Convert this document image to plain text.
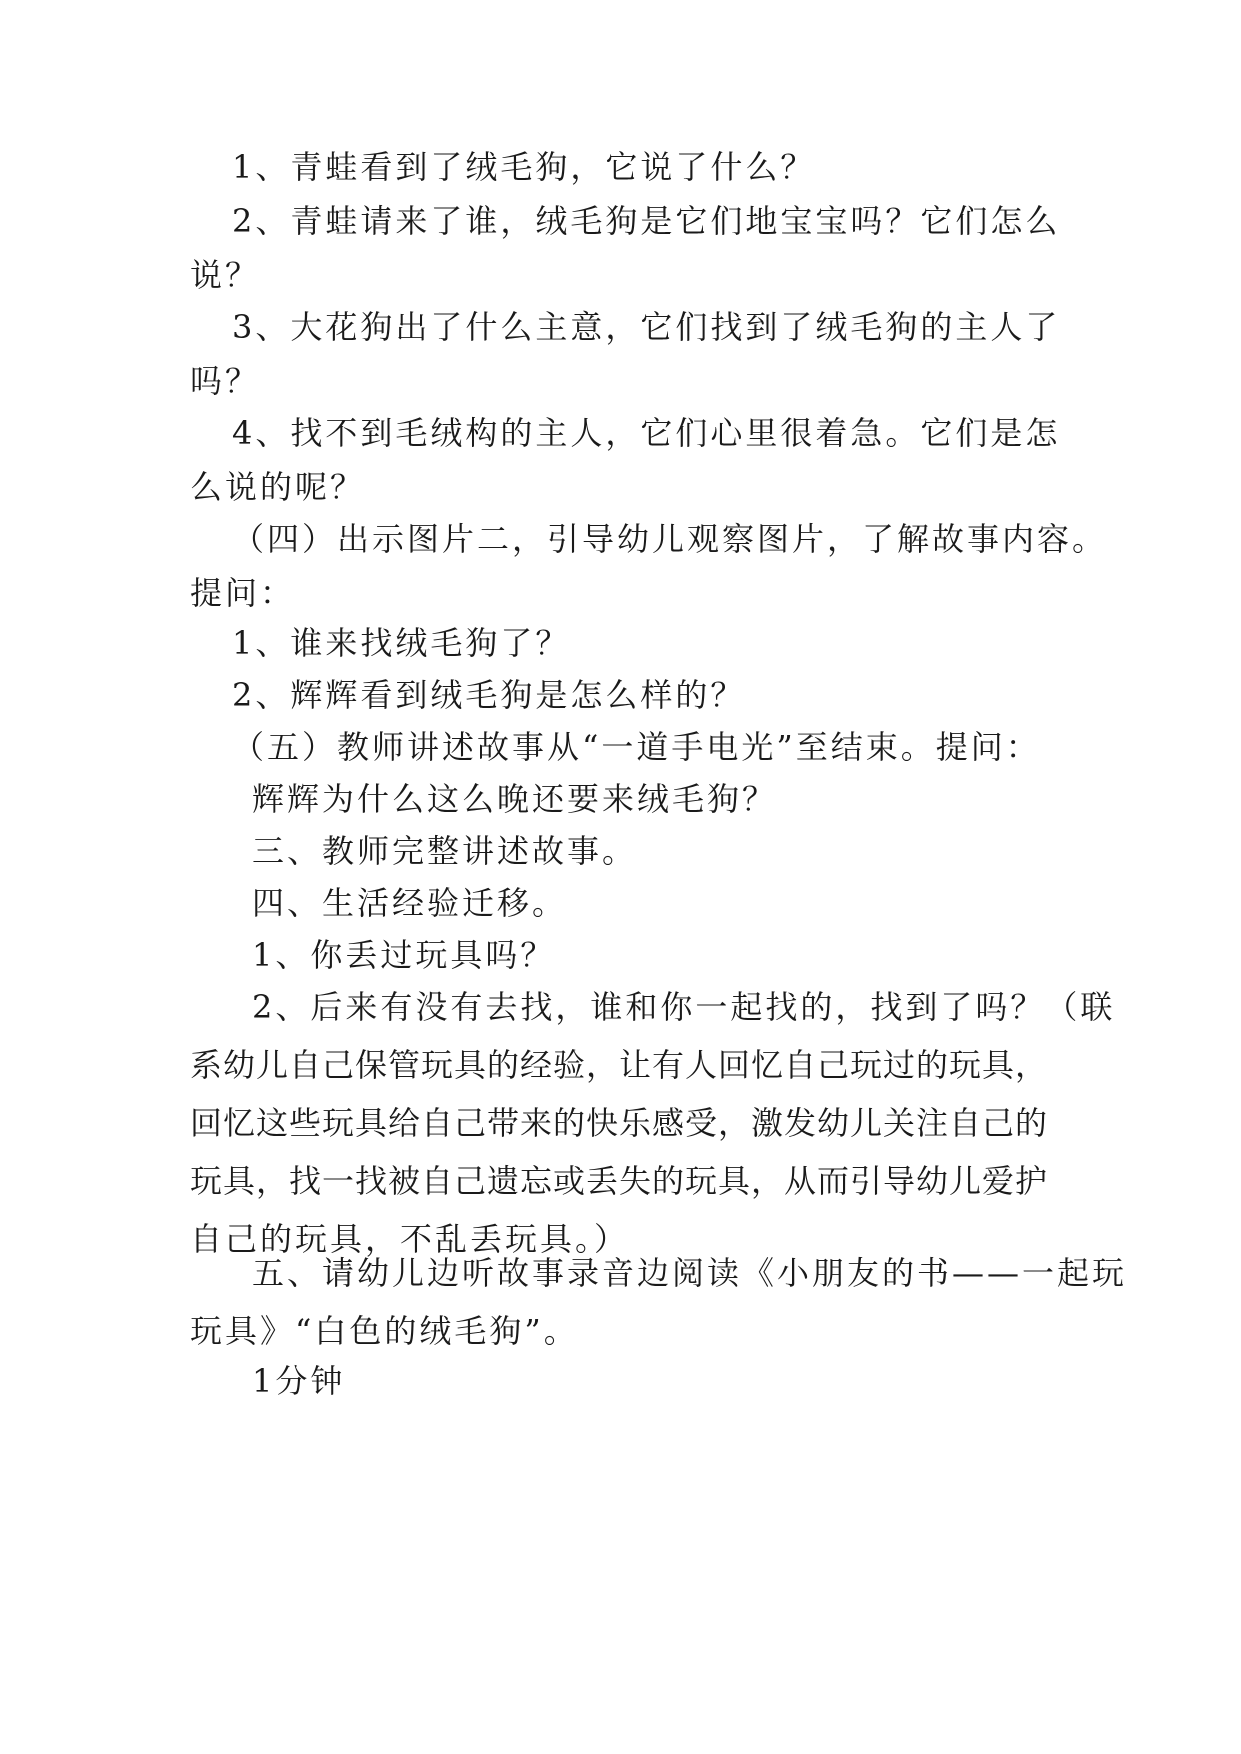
1、青蛙看到了绒毛狗，它说了什么？

2、青蛙请来了谁，绒毛狗是它们地宝宝吗？它们怎么
说？

3、大花狗出了什么主意，它们找到了绒毛狗的主人了
吗？

4、找不到毛绒构的主人，它们心里很着急。它们是怎
么说的呢？

（四）出示图片二，引导幼儿观察图片，了解故事内容。
提问：

1、谁来找绒毛狗了？

2、辉辉看到绒毛狗是怎么样的？

（五）教师讲述故事从“一道手电光”至结束。提问：

辉辉为什么这么晚还要来绒毛狗？

三、教师完整讲述故事。

四、生活经验迁移。

1、你丢过玩具吗？

2、后来有没有去找，谁和你一起找的，找到了吗？（联
系幼儿自己保管玩具的经验，让有人回忆自己玩过的玩具，
回忆这些玩具给自己带来的快乐感受，激发幼儿关注自己的
玩具，找一找被自己遗忘或丢失的玩具，从而引导幼儿爱护
自己的玩具，不乱丢玩具。）

五、请幼儿边听故事录音边阅读《小朋友的书——一起玩
玩具》“白色的绒毛狗”。

1分钟
